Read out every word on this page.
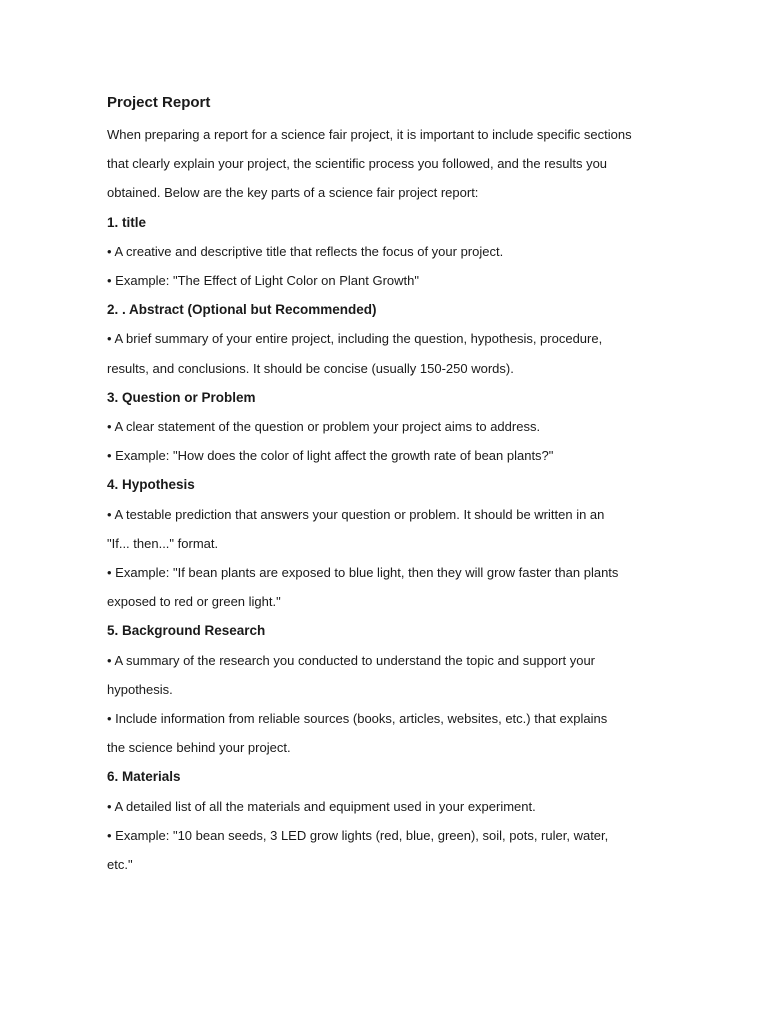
Project Report

When preparing a report for a science fair project, it is important to include specific sections
that clearly explain your project, the scientific process you followed, and the results you
obtained. Below are the key parts of a science fair project report:

1. title

• A creative and descriptive title that reflects the focus of your project.
• Example: "The Effect of Light Color on Plant Growth"

2. . Abstract (Optional but Recommended)

• A brief summary of your entire project, including the question, hypothesis, procedure,
results, and conclusions. It should be concise (usually 150-250 words).

3. Question or Problem

• A clear statement of the question or problem your project aims to address.
• Example: "How does the color of light affect the growth rate of bean plants?"

4. Hypothesis

• A testable prediction that answers your question or problem. It should be written in an
"If... then..." format.
• Example: "If bean plants are exposed to blue light, then they will grow faster than plants
exposed to red or green light."

5. Background Research

• A summary of the research you conducted to understand the topic and support your
hypothesis.
• Include information from reliable sources (books, articles, websites, etc.) that explains
the science behind your project.

6. Materials

• A detailed list of all the materials and equipment used in your experiment.
• Example: "10 bean seeds, 3 LED grow lights (red, blue, green), soil, pots, ruler, water,
etc."
